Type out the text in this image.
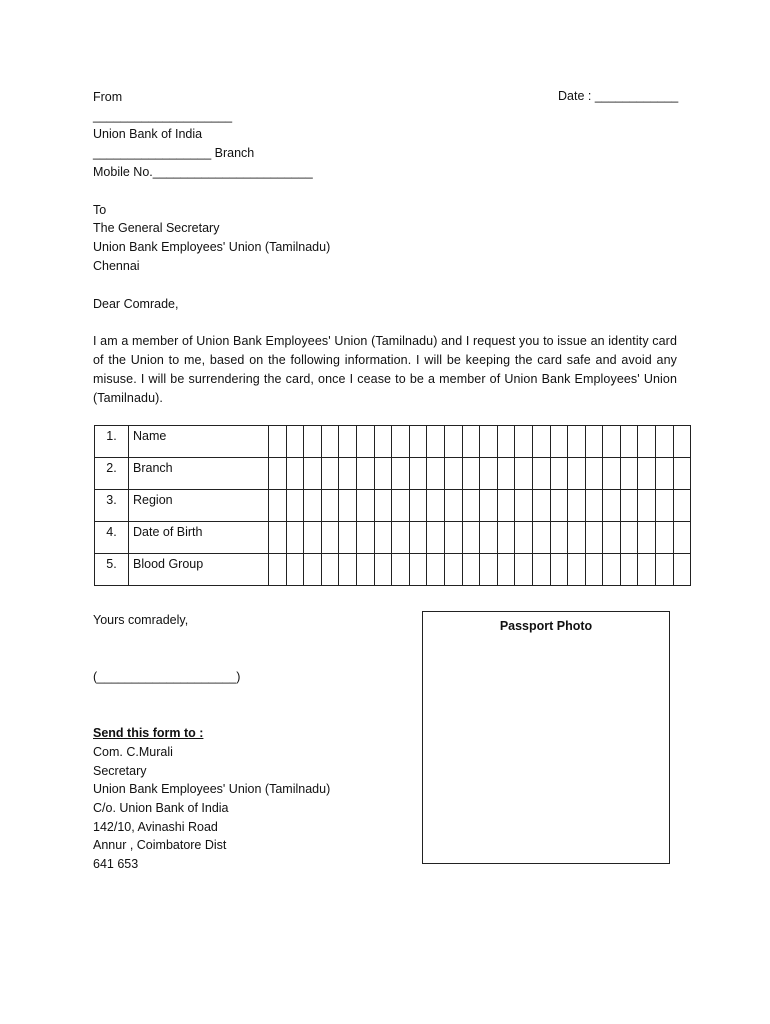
From	Date : ____________
____________________
Union Bank of India
_________________ Branch
Mobile No._______________________
To
The General Secretary
Union Bank Employees' Union (Tamilnadu)
Chennai
Dear Comrade,
I am a member of Union Bank Employees' Union (Tamilnadu) and I request you to issue an identity card of the Union to me, based on the following information. I will be keeping the card safe and avoid any misuse. I will be surrendering the card, once I cease to be a member of Union Bank Employees' Union (Tamilnadu).
1.	Name																								
2.	Branch																								
3.	Region																								
4.	Date of Birth																								
5.	Blood Group																								
Yours comradely,
(____________________)
Passport Photo
Send this form to :
Com. C.Murali
Secretary
Union Bank Employees' Union (Tamilnadu)
C/o. Union Bank of India
142/10, Avinashi Road
Annur , Coimbatore Dist
641 653
